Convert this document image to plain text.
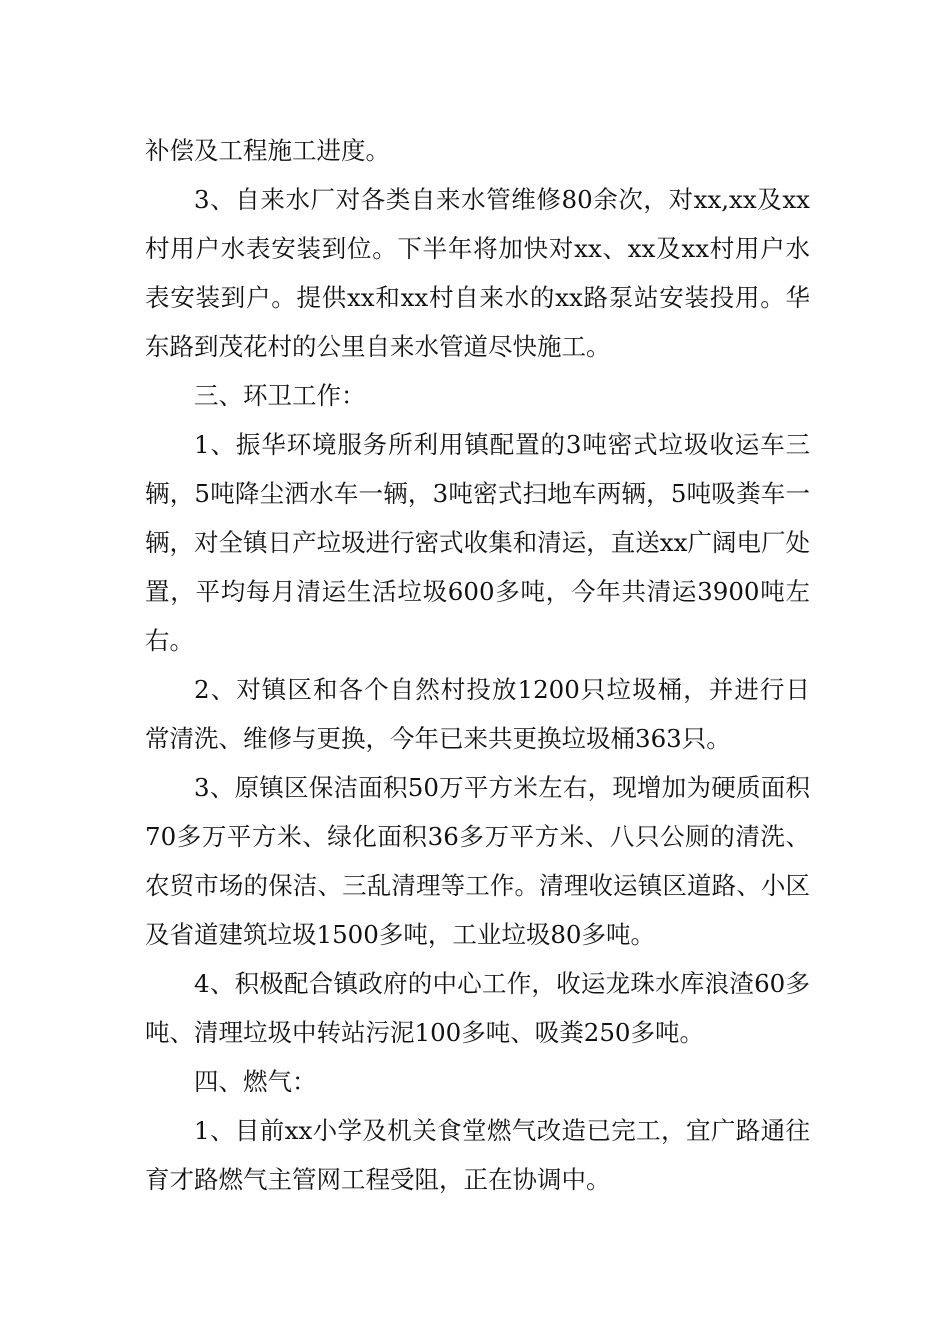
补偿及工程施工进度。

3、自来水厂对各类自来水管维修80余次，对xx,xx及xx村用户水表安装到位。下半年将加快对xx、xx及xx村用户水表安装到户。提供xx和xx村自来水的xx路泵站安装投用。华东路到茂花村的公里自来水管道尽快施工。

三、环卫工作：

1、振华环境服务所利用镇配置的3吨密式垃圾收运车三辆，5吨降尘洒水车一辆，3吨密式扫地车两辆，5吨吸粪车一辆，对全镇日产垃圾进行密式收集和清运，直送xx广阔电厂处置，平均每月清运生活垃圾600多吨，今年共清运3900吨左右。

2、对镇区和各个自然村投放1200只垃圾桶，并进行日常清洗、维修与更换，今年已来共更换垃圾桶363只。

3、原镇区保洁面积50万平方米左右，现增加为硬质面积70多万平方米、绿化面积36多万平方米、八只公厕的清洗、农贸市场的保洁、三乱清理等工作。清理收运镇区道路、小区及省道建筑垃圾1500多吨，工业垃圾80多吨。

4、积极配合镇政府的中心工作，收运龙珠水库浪渣60多吨、清理垃圾中转站污泥100多吨、吸粪250多吨。

四、燃气：

1、目前xx小学及机关食堂燃气改造已完工，宜广路通往育才路燃气主管网工程受阻，正在协调中。
